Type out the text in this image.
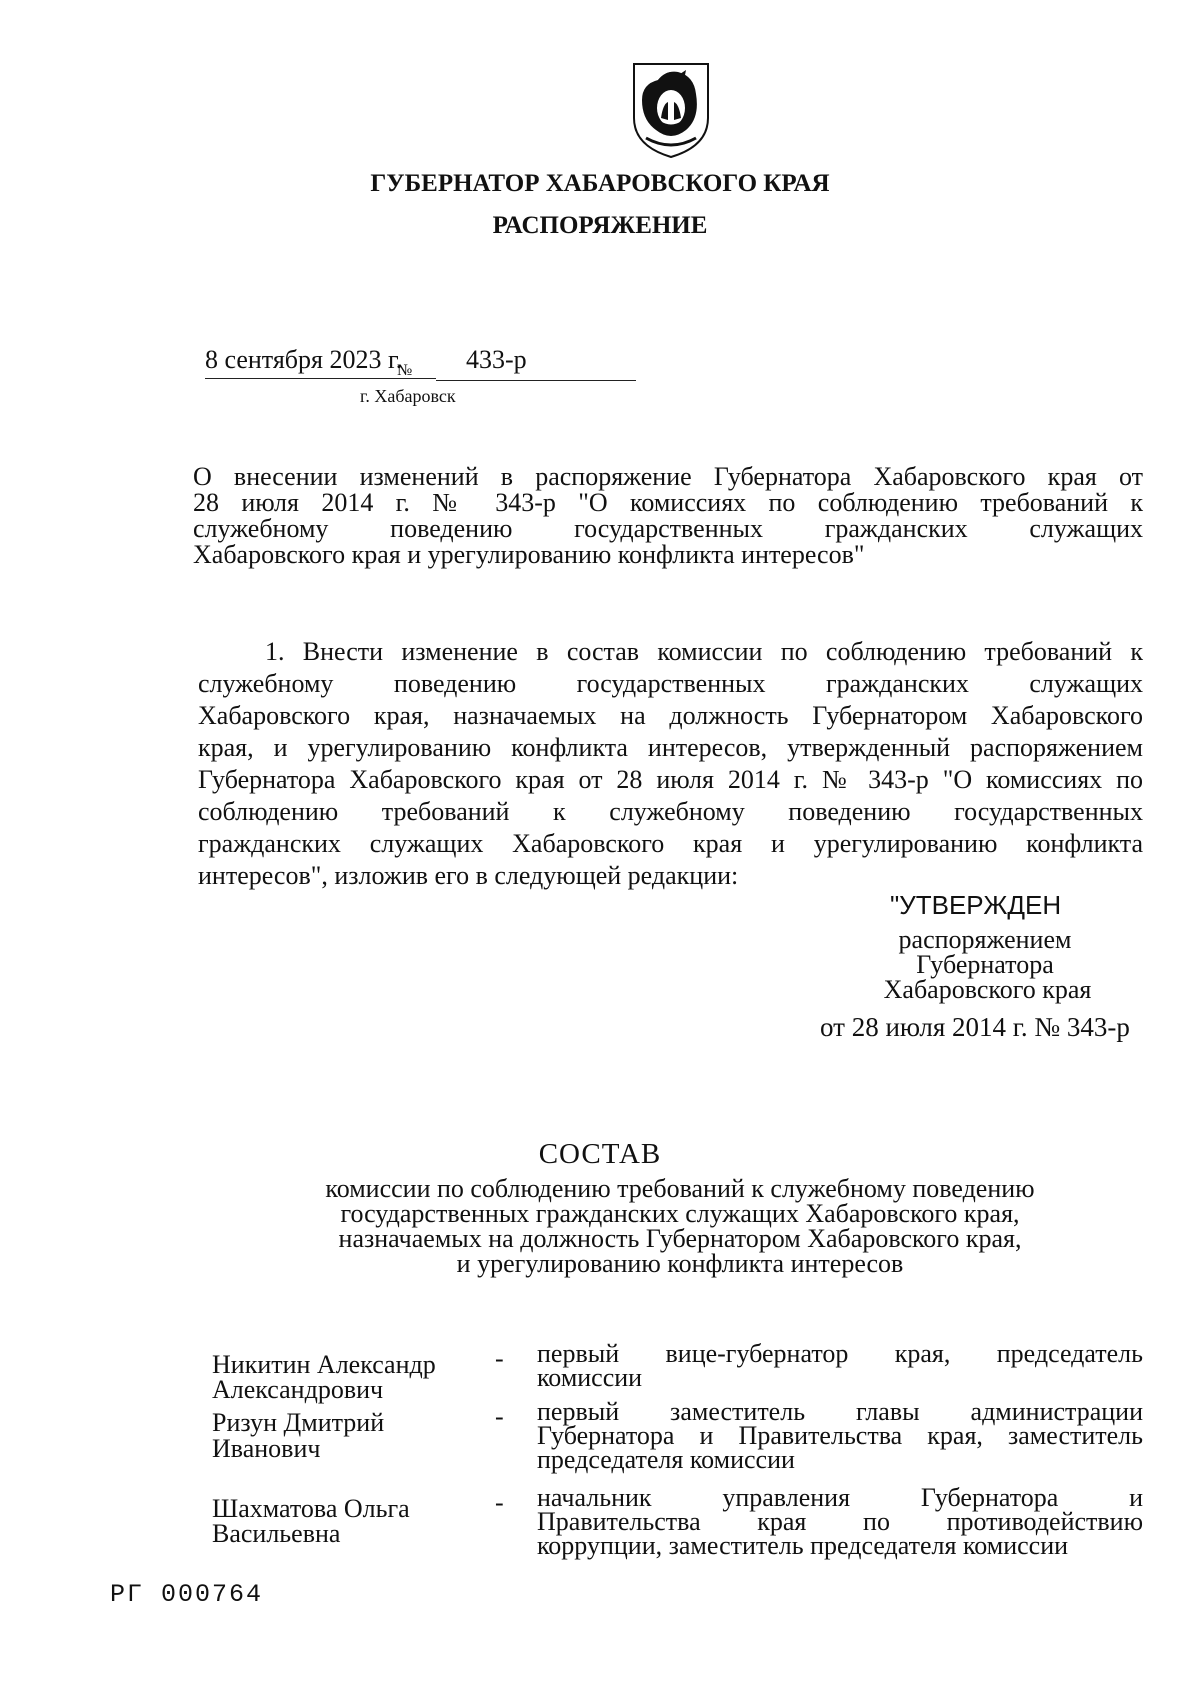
ГУБЕРНАТОР ХАБАРОВСКОГО КРАЯ
РАСПОРЯЖЕНИЕ
8 сентября 2023 г.
№ 433-р
г. Хабаровск
О внесении изменений в распоряжение Губернатора Хабаровского края от
28 июля 2014 г. № 343-р "О комиссиях по соблюдению требований к
служебному поведению государственных гражданских служащих
Хабаровского края и урегулированию конфликта интересов"
1. Внести изменение в состав комиссии по соблюдению требований к
служебному поведению государственных гражданских служащих
Хабаровского края, назначаемых на должность Губернатором Хабаровского
края, и урегулированию конфликта интересов, утвержденный распоряжением
Губернатора Хабаровского края от 28 июля 2014 г. № 343-р "О комиссиях по
соблюдению требований к служебному поведению государственных
гражданских служащих Хабаровского края и урегулированию конфликта
интересов", изложив его в следующей редакции:
"УТВЕРЖДЕН
распоряжением
Губернатора
Хабаровского края
от 28 июля 2014 г. № 343-р
СОСТАВ
комиссии по соблюдению требований к служебному поведению
государственных гражданских служащих Хабаровского края,
назначаемых на должность Губернатором Хабаровского края,
и урегулированию конфликта интересов
Никитин Александр
Александрович
- первый вице-губернатор края, председатель
комиссии
Ризун Дмитрий
Иванович
- первый заместитель главы администрации
Губернатора и Правительства края, заместитель
председателя комиссии
Шахматова Ольга
Васильевна
- начальник управления Губернатора и
Правительства края по противодействию
коррупции, заместитель председателя комиссии
РГ 000764
